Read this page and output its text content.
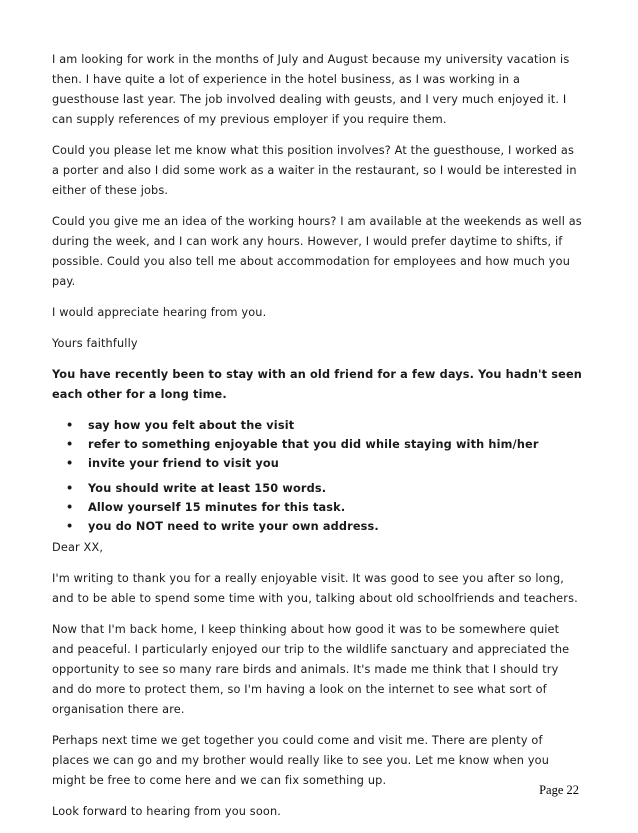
I am looking for work in the months of July and August because my university vacation is then. I have quite a lot of experience in the hotel business, as I was working in a guesthouse last year. The job involved dealing with geusts, and I very much enjoyed it. I can supply references of my previous employer if you require them.

Could you please let me know what this position involves? At the guesthouse, I worked as a porter and also I did some work as a waiter in the restaurant, so I would be interested in either of these jobs.

Could you give me an idea of the working hours? I am available at the weekends as well as during the week, and I can work any hours. However, I would prefer daytime to shifts, if possible. Could you also tell me about accommodation for employees and how much you pay.

I would appreciate hearing from you.

Yours faithfully

You have recently been to stay with an old friend for a few days. You hadn't seen each other for a long time.

• say how you felt about the visit
• refer to something enjoyable that you did while staying with him/her
• invite your friend to visit you
• You should write at least 150 words.
• Allow yourself 15 minutes for this task.
• you do NOT need to write your own address.

Dear XX,

I'm writing to thank you for a really enjoyable visit. It was good to see you after so long, and to be able to spend some time with you, talking about old schoolfriends and teachers.

Now that I'm back home, I keep thinking about how good it was to be somewhere quiet and peaceful. I particularly enjoyed our trip to the wildlife sanctuary and appreciated the opportunity to see so many rare birds and animals. It's made me think that I should try and do more to protect them, so I'm having a look on the internet to see what sort of organisation there are.

Perhaps next time we get together you could come and visit me. There are plenty of places we can go and my brother would really like to see you. Let me know when you might be free to come here and we can fix something up.

Look forward to hearing from you soon.

Page 22
